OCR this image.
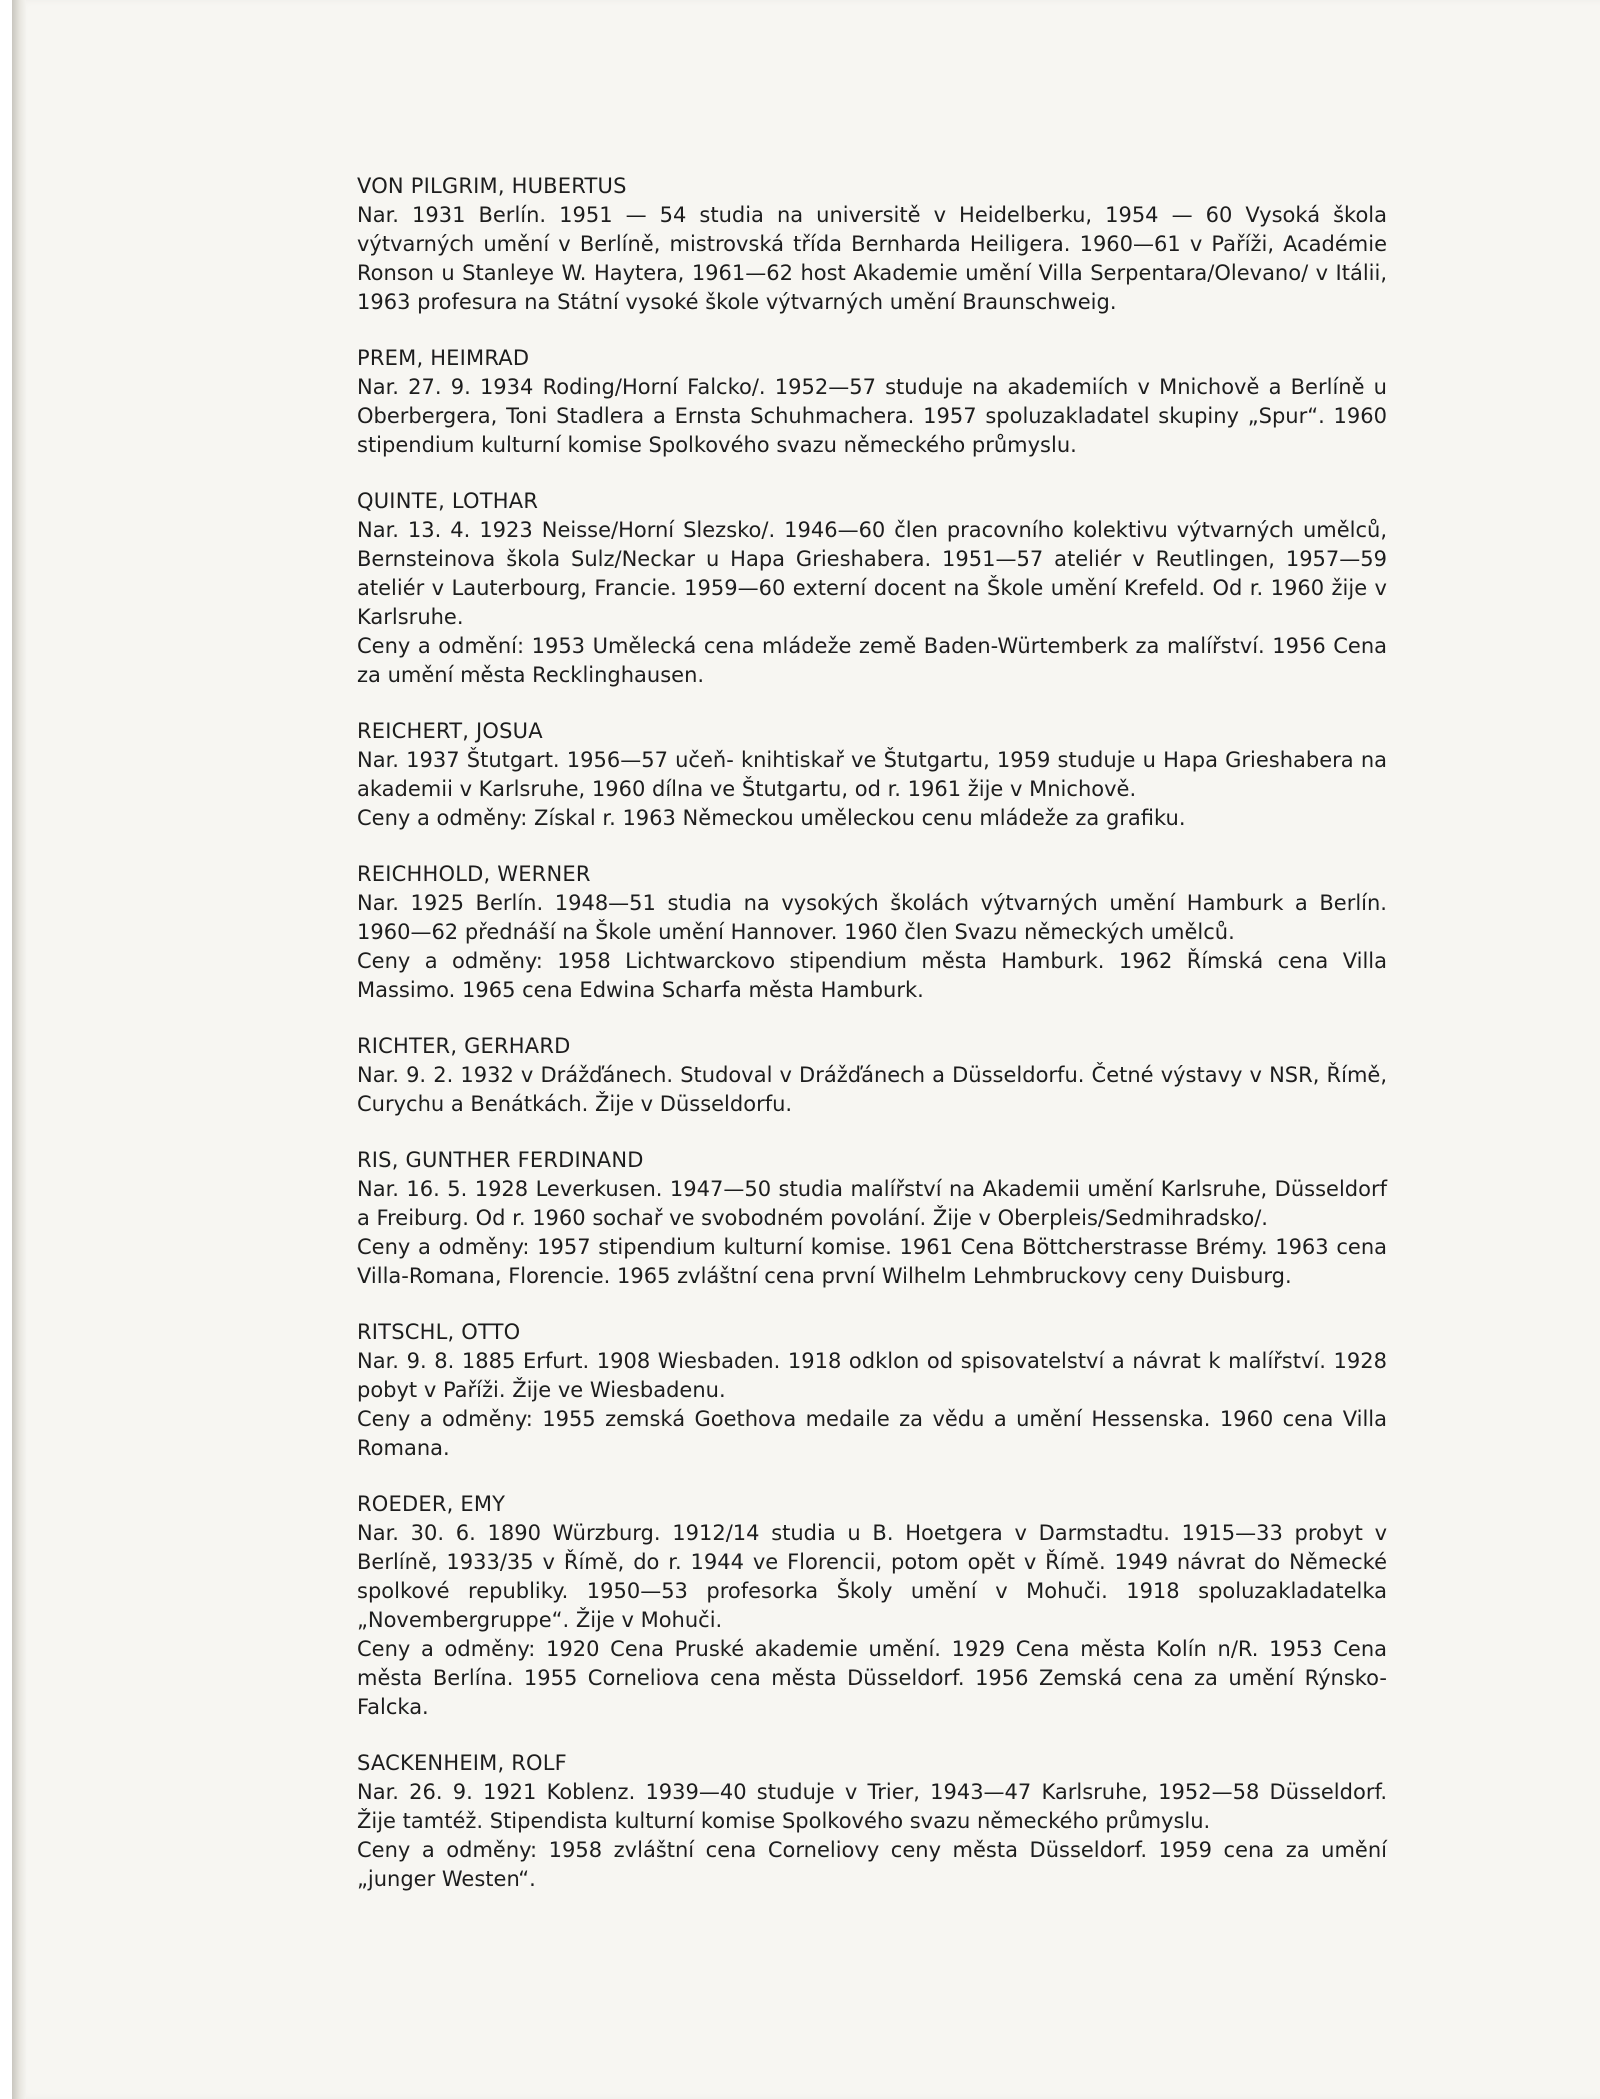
VON PILGRIM, HUBERTUS
Nar. 1931 Berlín. 1951 — 54 studia na universitě v Heidelberku, 1954 — 60 Vysoká škola výtvarných umění v Berlíně, mistrovská třída Bernharda Heiligera. 1960—61 v Paříži, Académie Ronson u Stanleye W. Haytera, 1961—62 host Akademie umění Villa Serpentara/Olevano/ v Itálii, 1963 profesura na Státní vysoké škole výtvarných umění Braunschweig.
PREM, HEIMRAD
Nar. 27. 9. 1934 Roding/Horní Falcko/. 1952—57 studuje na akademiích v Mnichově a Berlíně u Oberbergera, Toni Stadlera a Ernsta Schuhmachera. 1957 spoluzakladatel skupiny „Spur“. 1960 stipendium kulturní komise Spolkového svazu německého průmyslu.
QUINTE, LOTHAR
Nar. 13. 4. 1923 Neisse/Horní Slezsko/. 1946—60 člen pracovního kolektivu výtvarných umělců, Bernsteinova škola Sulz/Neckar u Hapa Grieshabera. 1951—57 ateliér v Reutlingen, 1957—59 ateliér v Lauterbourg, Francie. 1959—60 externí docent na Škole umění Krefeld. Od r. 1960 žije v Karlsruhe.
Ceny a odmění: 1953 Umělecká cena mládeže země Baden-Würtemberk za malířství. 1956 Cena za umění města Recklinghausen.
REICHERT, JOSUA
Nar. 1937 Štutgart. 1956—57 učeň- knihtiskař ve Štutgartu, 1959 studuje u Hapa Grieshabera na akademii v Karlsruhe, 1960 dílna ve Štutgartu, od r. 1961 žije v Mnichově.
Ceny a odměny: Získal r. 1963 Německou uměleckou cenu mládeže za grafiku.
REICHHOLD, WERNER
Nar. 1925 Berlín. 1948—51 studia na vysokých školách výtvarných umění Hamburk a Berlín. 1960—62 přednáší na Škole umění Hannover. 1960 člen Svazu německých umělců.
Ceny a odměny: 1958 Lichtwarckovo stipendium města Hamburk. 1962 Římská cena Villa Massimo. 1965 cena Edwina Scharfa města Hamburk.
RICHTER, GERHARD
Nar. 9. 2. 1932 v Drážďánech. Studoval v Drážďánech a Düsseldorfu. Četné výstavy v NSR, Římě, Curychu a Benátkách. Žije v Düsseldorfu.
RIS, GUNTHER FERDINAND
Nar. 16. 5. 1928 Leverkusen. 1947—50 studia malířství na Akademii umění Karlsruhe, Düsseldorf a Freiburg. Od r. 1960 sochař ve svobodném povolání. Žije v Oberpleis/Sedmihradsko/.
Ceny a odměny: 1957 stipendium kulturní komise. 1961 Cena Böttcherstrasse Brémy. 1963 cena Villa-Romana, Florencie. 1965 zvláštní cena první Wilhelm Lehmbruckovy ceny Duisburg.
RITSCHL, OTTO
Nar. 9. 8. 1885 Erfurt. 1908 Wiesbaden. 1918 odklon od spisovatelství a návrat k malířství. 1928 pobyt v Paříži. Žije ve Wiesbadenu.
Ceny a odměny: 1955 zemská Goethova medaile za vědu a umění Hessenska. 1960 cena Villa Romana.
ROEDER, EMY
Nar. 30. 6. 1890 Würzburg. 1912/14 studia u B. Hoetgera v Darmstadtu. 1915—33 probyt v Berlíně, 1933/35 v Římě, do r. 1944 ve Florencii, potom opět v Římě. 1949 návrat do Německé spolkové republiky. 1950—53 profesorka Školy umění v Mohuči. 1918 spoluzakladatelka „Novembergruppe“. Žije v Mohuči.
Ceny a odměny: 1920 Cena Pruské akademie umění. 1929 Cena města Kolín n/R. 1953 Cena města Berlína. 1955 Corneliova cena města Düsseldorf. 1956 Zemská cena za umění Rýnsko-Falcka.
SACKENHEIM, ROLF
Nar. 26. 9. 1921 Koblenz. 1939—40 studuje v Trier, 1943—47 Karlsruhe, 1952—58 Düsseldorf. Žije tamtéž. Stipendista kulturní komise Spolkového svazu německého průmyslu.
Ceny a odměny: 1958 zvláštní cena Corneliovy ceny města Düsseldorf. 1959 cena za umění „junger Westen“.
